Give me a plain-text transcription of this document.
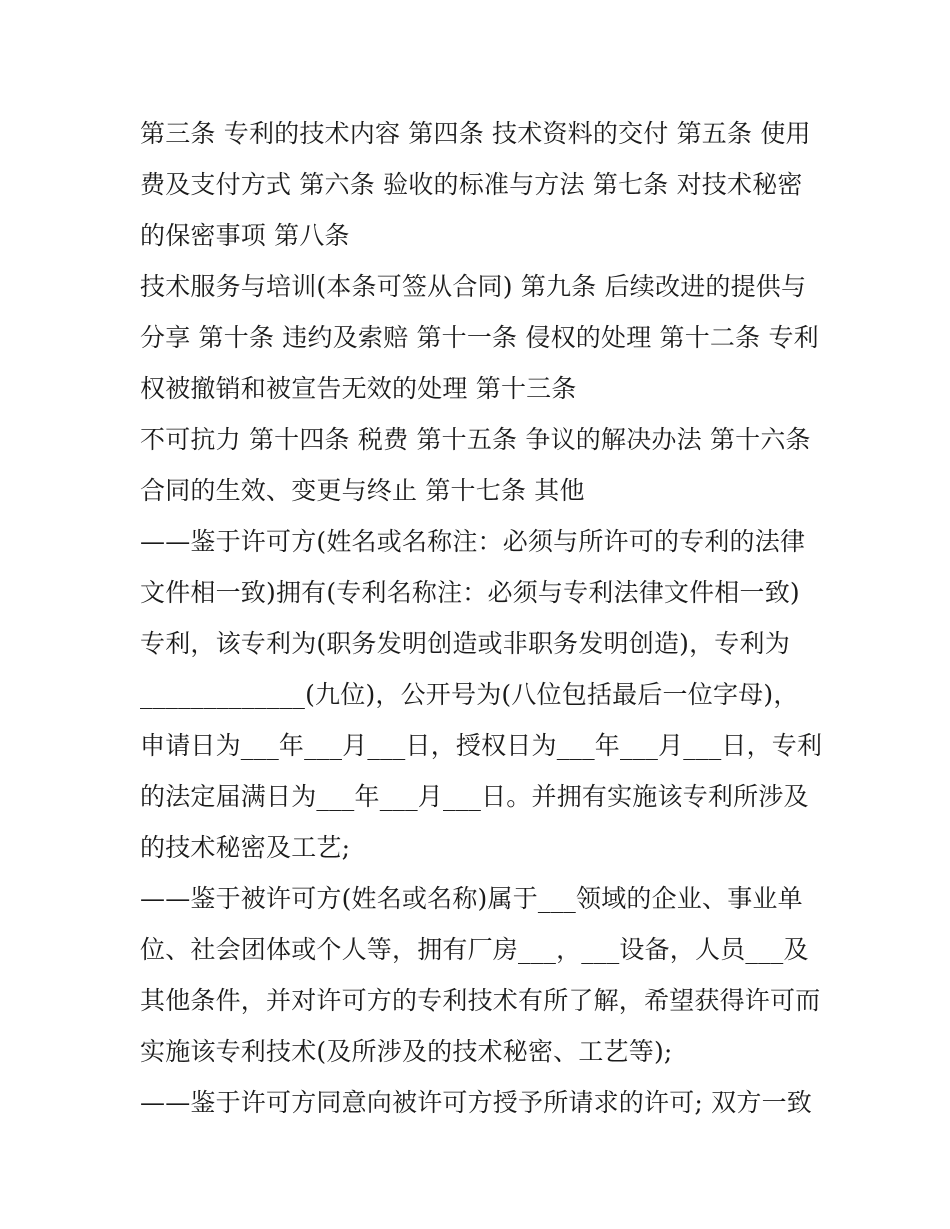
第三条 专利的技术内容 第四条 技术资料的交付 第五条 使用
费及支付方式 第六条 验收的标准与方法 第七条 对技术秘密
的保密事项 第八条
技术服务与培训(本条可签从合同) 第九条 后续改进的提供与
分享 第十条 违约及索赔 第十一条 侵权的处理 第十二条 专利
权被撤销和被宣告无效的处理 第十三条
不可抗力 第十四条 税费 第十五条 争议的解决办法 第十六条
合同的生效、变更与终止 第十七条 其他
——鉴于许可方(姓名或名称注：必须与所许可的专利的法律
文件相一致)拥有(专利名称注：必须与专利法律文件相一致)
专利，该专利为(职务发明创造或非职务发明创造)，专利为
_____________(九位)，公开号为(八位包括最后一位字母)，
申请日为___年___月___日，授权日为___年___月___日，专利
的法定届满日为___年___月___日。并拥有实施该专利所涉及
的技术秘密及工艺;
——鉴于被许可方(姓名或名称)属于___领域的企业、事业单
位、社会团体或个人等，拥有厂房___，___设备，人员___及
其他条件，并对许可方的专利技术有所了解，希望获得许可而
实施该专利技术(及所涉及的技术秘密、工艺等);
——鉴于许可方同意向被许可方授予所请求的许可; 双方一致
